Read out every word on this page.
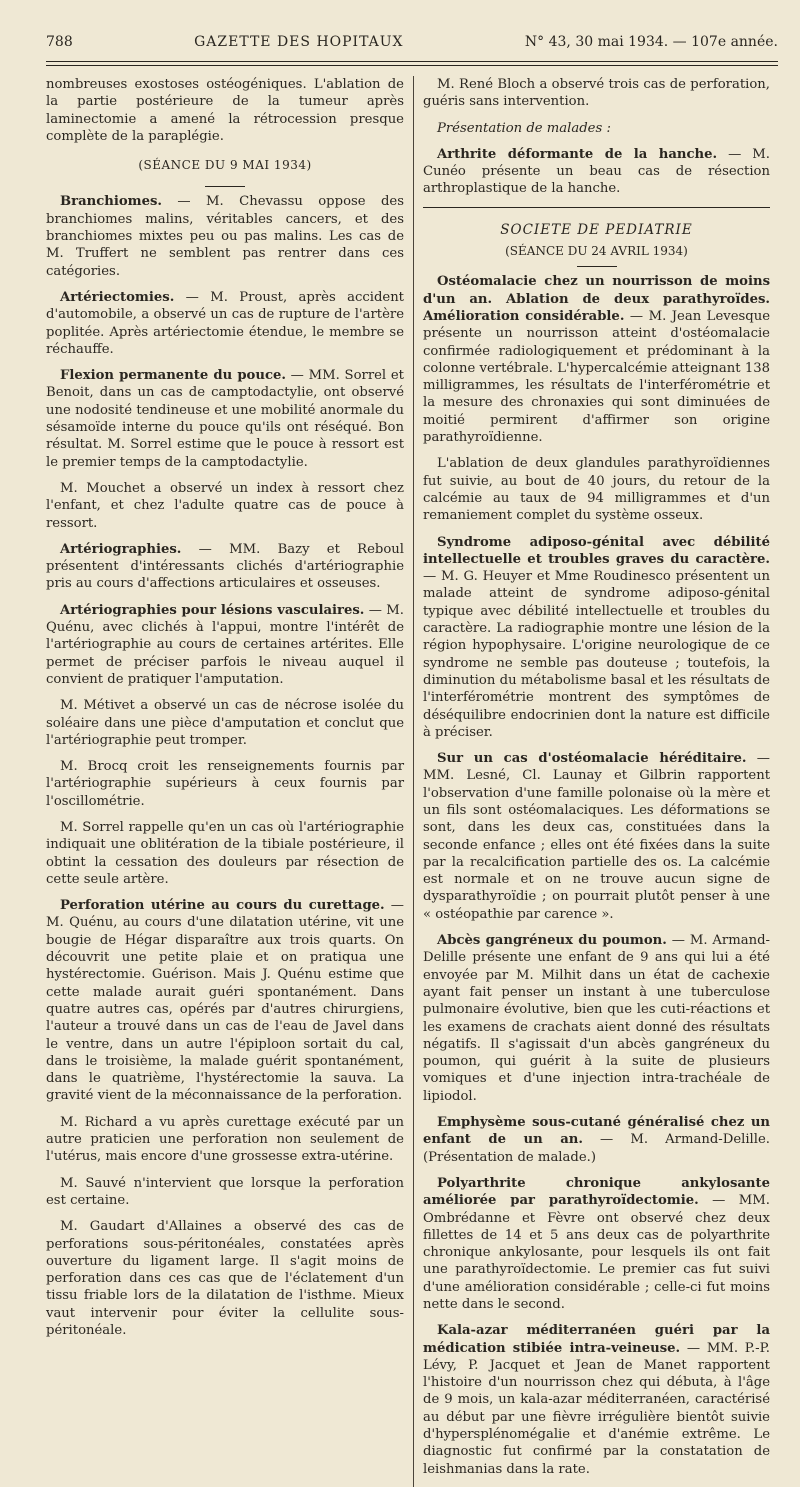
788	GAZETTE DES HOPITAUX	N° 43, 30 mai 1934. — 107e année.

nombreuses exostoses ostéogéniques. L'ablation de la partie postérieure de la tumeur après laminectomie a amené la rétrocession presque complète de la paraplégie.

(SÉANCE DU 9 MAI 1934)

Branchiomes. — M. Chevassu oppose des branchiomes malins, véritables cancers, et des branchiomes mixtes peu ou pas malins. Les cas de M. Truffert ne semblent pas rentrer dans ces catégories.

Artériectomies. — M. Proust, après accident d'automobile, a observé un cas de rupture de l'artère poplitée. Après artériectomie étendue, le membre se réchauffe.

Flexion permanente du pouce. — MM. Sorrel et Benoit, dans un cas de camptodactylie, ont observé une nodosité tendineuse et une mobilité anormale du sésamoïde interne du pouce qu'ils ont réséqué. Bon résultat. M. Sorrel estime que le pouce à ressort est le premier temps de la camptodactylie.

M. Mouchet a observé un index à ressort chez l'enfant, et chez l'adulte quatre cas de pouce à ressort.

Artériographies. — MM. Bazy et Reboul présentent d'intéressants clichés d'artériographie pris au cours d'affections articulaires et osseuses.

Artériographies pour lésions vasculaires. — M. Quénu, avec clichés à l'appui, montre l'intérêt de l'artériographie au cours de certaines artérites. Elle permet de préciser parfois le niveau auquel il convient de pratiquer l'amputation.

M. Métivet a observé un cas de nécrose isolée du soléaire dans une pièce d'amputation et conclut que l'artériographie peut tromper.

M. Brocq croit les renseignements fournis par l'artériographie supérieurs à ceux fournis par l'oscillométrie.

M. Sorrel rappelle qu'en un cas où l'artériographie indiquait une oblitération de la tibiale postérieure, il obtint la cessation des douleurs par résection de cette seule artère.

Perforation utérine au cours du curettage. — M. Quénu, au cours d'une dilatation utérine, vit une bougie de Hégar disparaître aux trois quarts. On découvrit une petite plaie et on pratiqua une hystérectomie. Guérison. Mais J. Quénu estime que cette malade aurait guéri spontanément. Dans quatre autres cas, opérés par d'autres chirurgiens, l'auteur a trouvé dans un cas de l'eau de Javel dans le ventre, dans un autre l'épiploon sortait du cal, dans le troisième, la malade guérit spontanément, dans le quatrième, l'hystérectomie la sauva. La gravité vient de la méconnaissance de la perforation.

M. Richard a vu après curettage exécuté par un autre praticien une perforation non seulement de l'utérus, mais encore d'une grossesse extra-utérine.

M. Sauvé n'intervient que lorsque la perforation est certaine.

M. Gaudart d'Allaines a observé des cas de perforations sous-péritonéales, constatées après ouverture du ligament large. Il s'agit moins de perforation dans ces cas que de l'éclatement d'un tissu friable lors de la dilatation de l'isthme. Mieux vaut intervenir pour éviter la cellulite sous-péritonéale.

M. René Bloch a observé trois cas de perforation, guéris sans intervention.

Présentation de malades :

Arthrite déformante de la hanche. — M. Cunéo présente un beau cas de résection arthroplastique de la hanche.

SOCIETE DE PEDIATRIE
(SÉANCE DU 24 AVRIL 1934)

Ostéomalacie chez un nourrisson de moins d'un an. Ablation de deux parathyroïdes. Amélioration considérable. — M. Jean Levesque présente un nourrisson atteint d'ostéomalacie confirmée radiologiquement et prédominant à la colonne vertébrale. L'hypercalcémie atteignant 138 milligrammes, les résultats de l'interférométrie et la mesure des chronaxies qui sont diminuées de moitié permirent d'affirmer son origine parathyroïdienne.

L'ablation de deux glandules parathyroïdiennes fut suivie, au bout de 40 jours, du retour de la calcémie au taux de 94 milligrammes et d'un remaniement complet du système osseux.

Syndrome adiposo-génital avec débilité intellectuelle et troubles graves du caractère. — M. G. Heuyer et Mme Roudinesco présentent un malade atteint de syndrome adiposo-génital typique avec débilité intellectuelle et troubles du caractère. La radiographie montre une lésion de la région hypophysaire. L'origine neurologique de ce syndrome ne semble pas douteuse ; toutefois, la diminution du métabolisme basal et les résultats de l'interférométrie montrent des symptômes de déséquilibre endocrinien dont la nature est difficile à préciser.

Sur un cas d'ostéomalacie héréditaire. — MM. Lesné, Cl. Launay et Gilbrin rapportent l'observation d'une famille polonaise où la mère et un fils sont ostéomalaciques. Les déformations se sont, dans les deux cas, constituées dans la seconde enfance ; elles ont été fixées dans la suite par la recalcification partielle des os. La calcémie est normale et on ne trouve aucun signe de dysparathyroïdie ; on pourrait plutôt penser à une « ostéopathie par carence ».

Abcès gangréneux du poumon. — M. Armand-Delille présente une enfant de 9 ans qui lui a été envoyée par M. Milhit dans un état de cachexie ayant fait penser un instant à une tuberculose pulmonaire évolutive, bien que les cuti-réactions et les examens de crachats aient donné des résultats négatifs. Il s'agissait d'un abcès gangréneux du poumon, qui guérit à la suite de plusieurs vomiques et d'une injection intra-trachéale de lipiodol.

Emphysème sous-cutané généralisé chez un enfant de un an. — M. Armand-Delille. (Présentation de malade.)

Polyarthrite chronique ankylosante améliorée par parathyroïdectomie. — MM. Ombrédanne et Fèvre ont observé chez deux fillettes de 14 et 5 ans deux cas de polyarthrite chronique ankylosante, pour lesquels ils ont fait une parathyroïdectomie. Le premier cas fut suivi d'une amélioration considérable ; celle-ci fut moins nette dans le second.

Kala-azar méditerranéen guéri par la médication stibiée intra-veineuse. — MM. P.-P. Lévy, P. Jacquet et Jean de Manet rapportent l'histoire d'un nourrisson chez qui débuta, à l'âge de 9 mois, un kala-azar méditerranéen, caractérisé au début par une fièvre irrégulière bientôt suivie d'hypersplénomégalie et d'anémie extrême. Le diagnostic fut confirmé par la constatation de leishmanias dans la rate.
